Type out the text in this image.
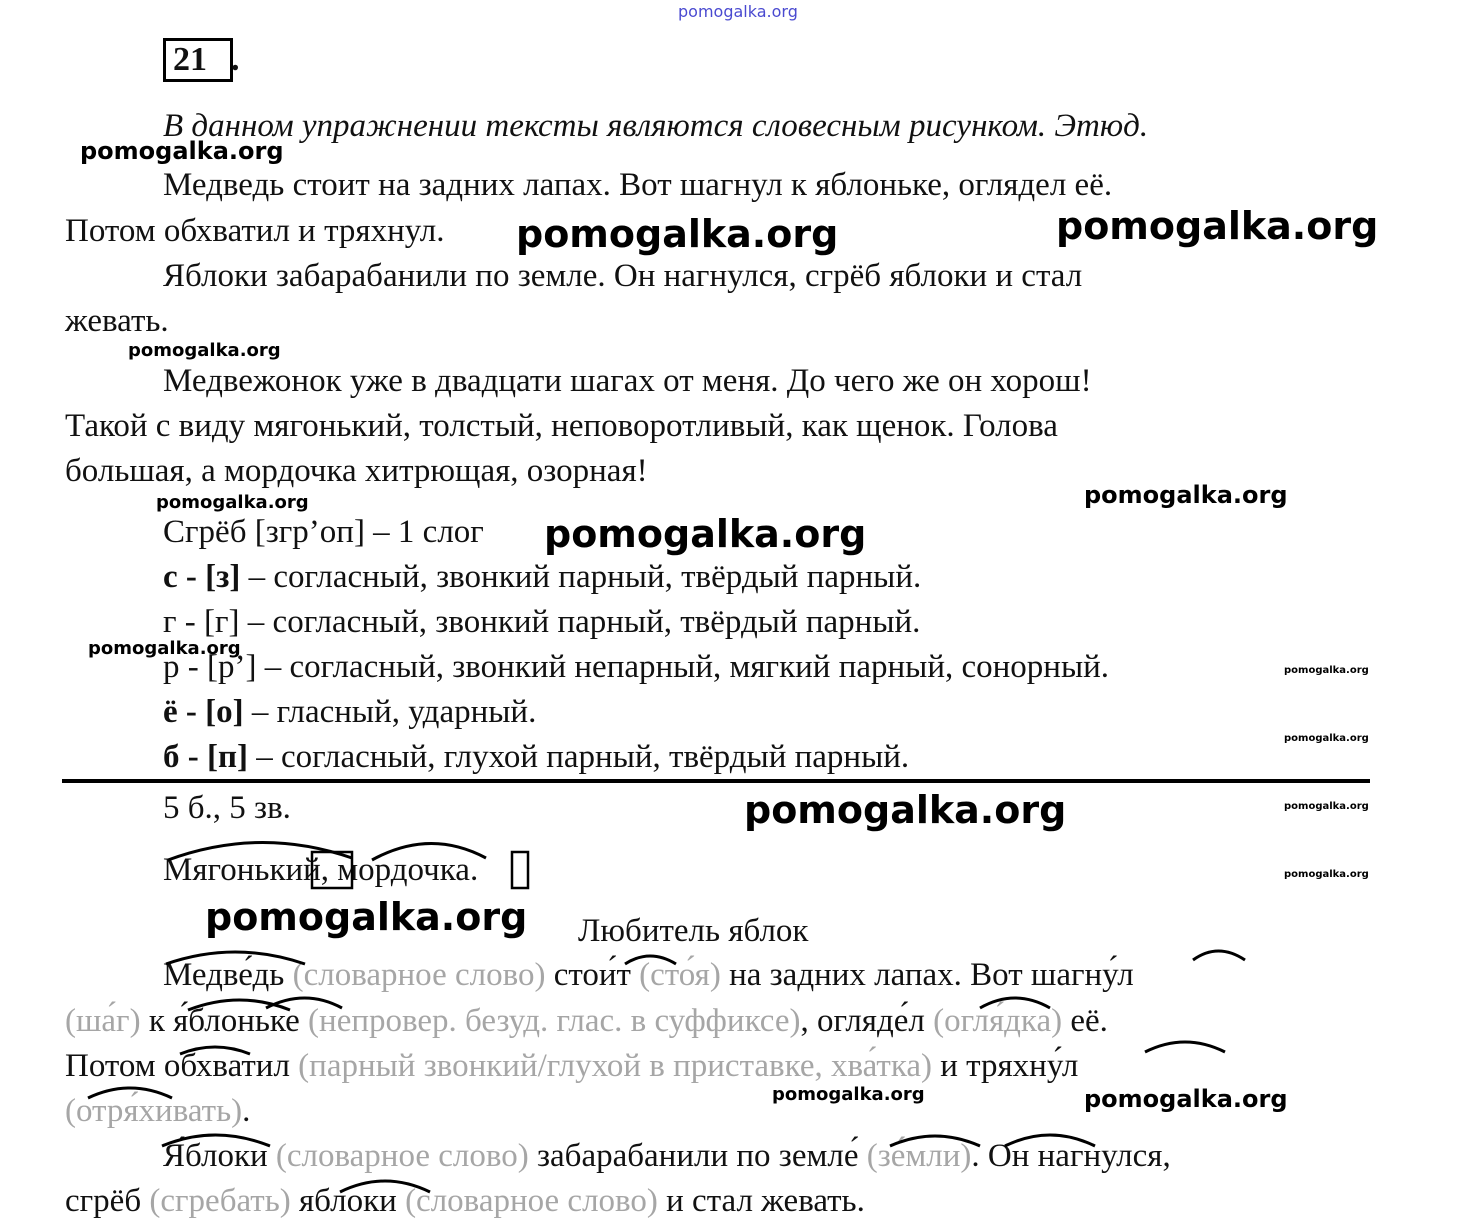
pomogalka.org
21 .
В данном упражнении тексты являются словесным рисунком. Этюд.
Медведь стоит на задних лапах. Вот шагнул к яблоньке, оглядел её.
Потом обхватил и тряхнул.
Яблоки забарабанили по земле. Он нагнулся, сгрёб яблоки и стал
жевать.
Медвежонок уже в двадцати шагах от меня. До чего же он хорош!
Такой с виду мягонький, толстый, неповоротливый, как щенок. Голова
большая, а мордочка хитрющая, озорная!
Сгрёб [згр’оп] – 1 слог
с - [з] – согласный, звонкий парный, твёрдый парный.
г - [г] – согласный, звонкий парный, твёрдый парный.
р - [р’] – согласный, звонкий непарный, мягкий парный, сонорный.
ё - [о] – гласный, ударный.
б - [п] – согласный, глухой парный, твёрдый парный.
5 б., 5 зв.
Мягонький, мордочка.
Любитель яблок
Медве́дь (словарное слово) стои́т (сто́я) на задних лапах. Вот шагну́л
(ша́г) к я́блоньке (непровер. безуд. глас. в суффиксе), огляде́л (огля́дка) её.
Потом обхватил (парный звонкий/глухой в приставке, хва́тка) и тряхну́л
(отря́хивать).
Я́блоки (словарное слово) забарабанили по земле́ (зе́мли). Он нагнулся,
сгрёб (сгребать) яблоки (словарное слово) и стал жевать.
pomogalka.org
pomogalka.org	pomogalka.org
pomogalka.org
pomogalka.org	pomogalka.org
pomogalka.org
pomogalka.org
pomogalka.org
pomogalka.org
pomogalka.org	pomogalka.org
pomogalka.org
pomogalka.org
pomogalka.org	pomogalka.org
